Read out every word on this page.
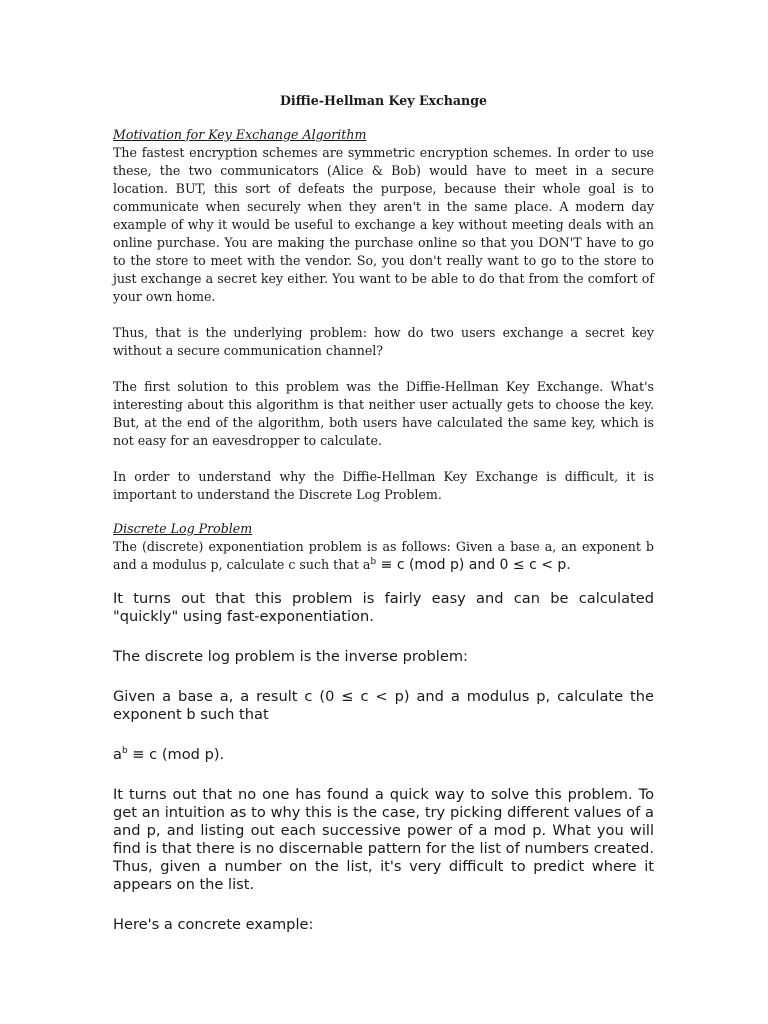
Diffie-Hellman Key Exchange

Motivation for Key Exchange Algorithm

The fastest encryption schemes are symmetric encryption schemes. In order to use these, the two communicators (Alice & Bob) would have to meet in a secure location. BUT, this sort of defeats the purpose, because their whole goal is to communicate when securely when they aren't in the same place. A modern day example of why it would be useful to exchange a key without meeting deals with an online purchase. You are making the purchase online so that you DON'T have to go to the store to meet with the vendor. So, you don't really want to go to the store to just exchange a secret key either. You want to be able to do that from the comfort of your own home.

Thus, that is the underlying problem: how do two users exchange a secret key without a secure communication channel?

The first solution to this problem was the Diffie-Hellman Key Exchange. What's interesting about this algorithm is that neither user actually gets to choose the key. But, at the end of the algorithm, both users have calculated the same key, which is not easy for an eavesdropper to calculate.

In order to understand why the Diffie-Hellman Key Exchange is difficult, it is important to understand the Discrete Log Problem.

Discrete Log Problem

The (discrete) exponentiation problem is as follows: Given a base a, an exponent b and a modulus p, calculate c such that $a^b \equiv c$ (mod p) and 0 ≤ c < p.

It turns out that this problem is fairly easy and can be calculated "quickly" using fast-exponentiation.

The discrete log problem is the inverse problem:

Given a base a, a result c (0 ≤ c < p) and a modulus p, calculate the exponent b such that

$a^b \equiv c$ (mod p).

It turns out that no one has found a quick way to solve this problem. To get an intuition as to why this is the case, try picking different values of a and p, and listing out each successive power of a mod p. What you will find is that there is no discernable pattern for the list of numbers created. Thus, given a number on the list, it's very difficult to predict where it appears on the list.

Here's a concrete example:
